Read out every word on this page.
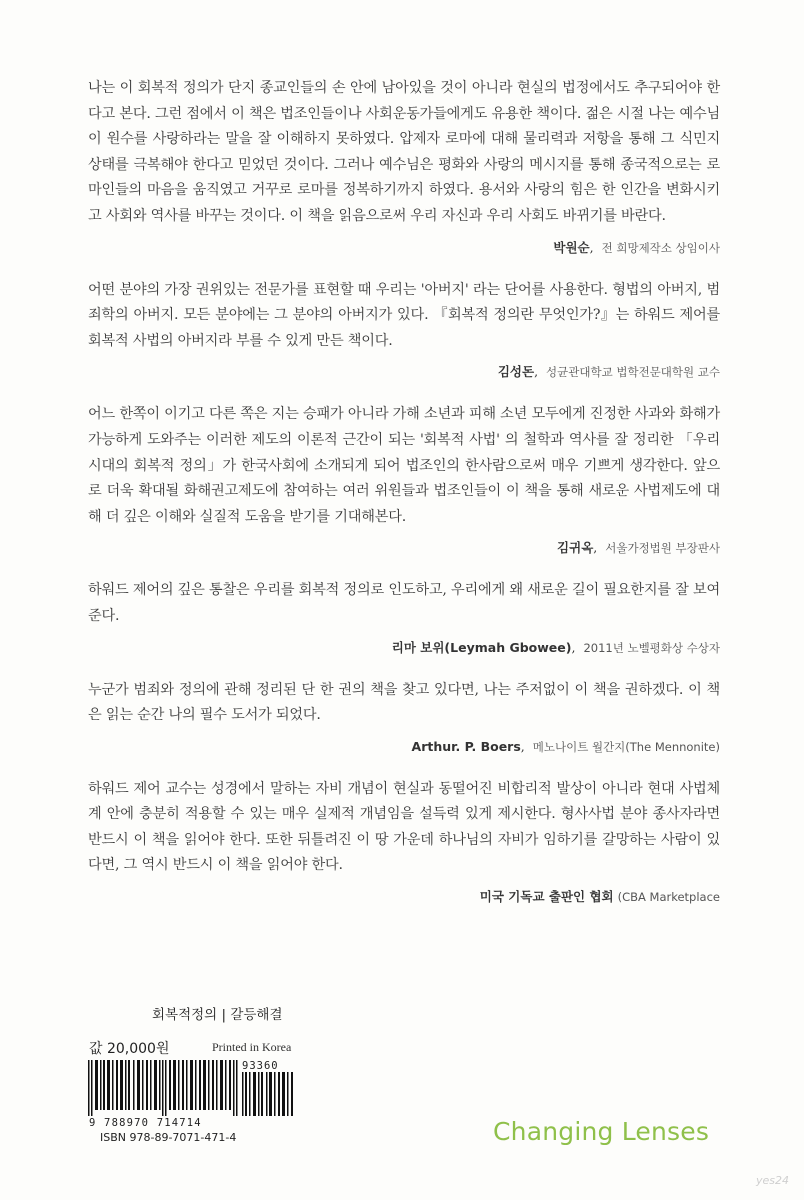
나는 이 회복적 정의가 단지 종교인들의 손 안에 남아있을 것이 아니라 현실의 법정에서도 추구되어야 한다고 본다. 그런 점에서 이 책은 법조인들이나 사회운동가들에게도 유용한 책이다. 젊은 시절 나는 예수님이 원수를 사랑하라는 말을 잘 이해하지 못하였다. 압제자 로마에 대해 물리력과 저항을 통해 그 식민지 상태를 극복해야 한다고 믿었던 것이다. 그러나 예수님은 평화와 사랑의 메시지를 통해 종국적으로는 로마인들의 마음을 움직였고 거꾸로 로마를 정복하기까지 하였다. 용서와 사랑의 힘은 한 인간을 변화시키고 사회와 역사를 바꾸는 것이다. 이 책을 읽음으로써 우리 자신과 우리 사회도 바뀌기를 바란다.

박원순, 전 희망제작소 상임이사

어떤 분야의 가장 권위있는 전문가를 표현할 때 우리는 '아버지' 라는 단어를 사용한다. 형법의 아버지, 범죄학의 아버지. 모든 분야에는 그 분야의 아버지가 있다. 『회복적 정의란 무엇인가?』는 하워드 제어를 회복적 사법의 아버지라 부를 수 있게 만든 책이다.

김성돈, 성균관대학교 법학전문대학원 교수

어느 한쪽이 이기고 다른 쪽은 지는 승패가 아니라 가해 소년과 피해 소년 모두에게 진정한 사과와 화해가 가능하게 도와주는 이러한 제도의 이론적 근간이 되는 '회복적 사법' 의 철학과 역사를 잘 정리한 「우리 시대의 회복적 정의」가 한국사회에 소개되게 되어 법조인의 한사람으로써 매우 기쁘게 생각한다. 앞으로 더욱 확대될 화해권고제도에 참여하는 여러 위원들과 법조인들이 이 책을 통해 새로운 사법제도에 대해 더 깊은 이해와 실질적 도움을 받기를 기대해본다.

김귀옥, 서울가정법원 부장판사

하워드 제어의 깊은 통찰은 우리를 회복적 정의로 인도하고, 우리에게 왜 새로운 길이 필요한지를 잘 보여준다.

리마 보위(Leymah Gbowee), 2011년 노벨평화상 수상자

누군가 범죄와 정의에 관해 정리된 단 한 권의 책을 찾고 있다면, 나는 주저없이 이 책을 권하겠다. 이 책은 읽는 순간 나의 필수 도서가 되었다.

Arthur. P. Boers, 메노나이트 월간지(The Mennonite)

하워드 제어 교수는 성경에서 말하는 자비 개념이 현실과 동떨어진 비합리적 발상이 아니라 현대 사법체계 안에 충분히 적용할 수 있는 매우 실제적 개념임을 설득력 있게 제시한다. 형사사법 분야 종사자라면 반드시 이 책을 읽어야 한다. 또한 뒤틀려진 이 땅 가운데 하나님의 자비가 임하기를 갈망하는 사람이 있다면, 그 역시 반드시 이 책을 읽어야 한다.

미국 기독교 출판인 협회 (CBA Marketplace
회복적정의 | 갈등해결
값 20,000원	Printed in Korea
93360
9 788970 714714
ISBN 978-89-7071-471-4	Changing Lenses
yes24
